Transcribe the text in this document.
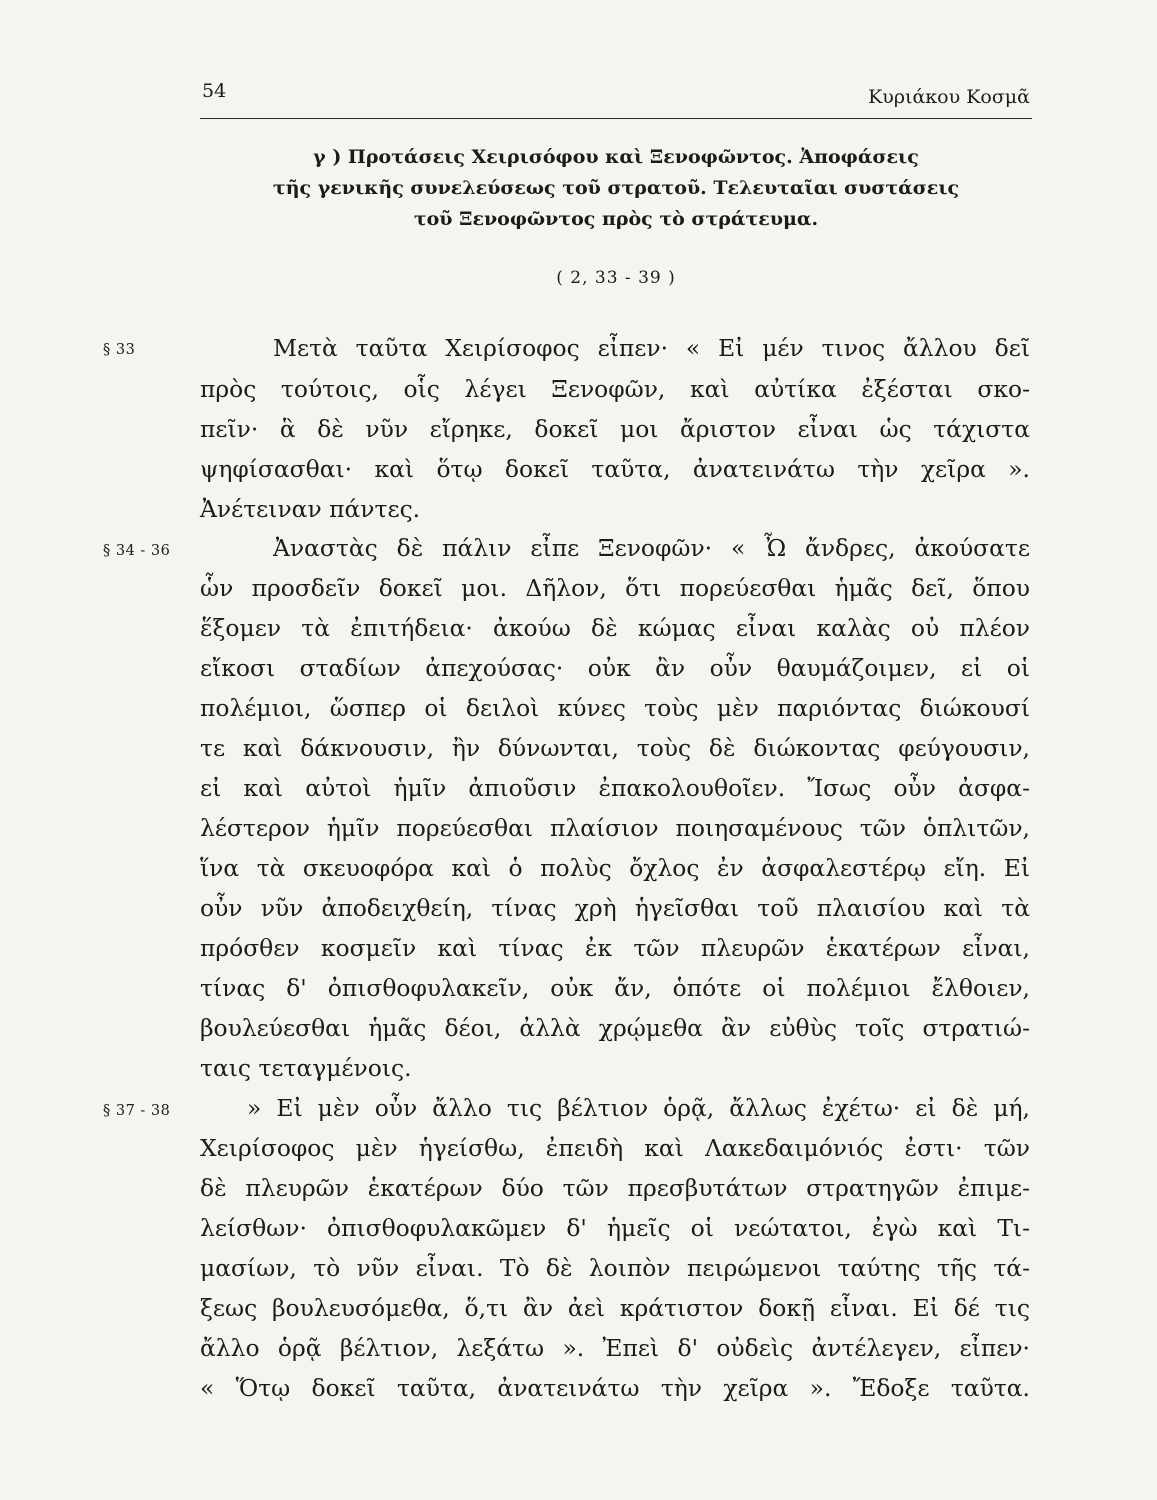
54	Κυριάκου Κοσμᾶ
γ ) Προτάσεις Χειρισόφου καὶ Ξενοφῶντος. Ἀποφάσεις
τῆς γενικῆς συνελεύσεως τοῦ στρατοῦ. Τελευταῖαι συστάσεις
τοῦ Ξενοφῶντος πρὸς τὸ στράτευμα.
( 2, 33 - 39 )
§ 33	Μετὰ ταῦτα Χειρίσοφος εἶπεν· « Εἰ μέν τινος ἄλλου δεῖ
πρὸς τούτοις, οἷς λέγει Ξενοφῶν, καὶ αὐτίκα ἐξέσται σκο-
πεῖν· ἃ δὲ νῦν εἴρηκε, δοκεῖ μοι ἄριστον εἶναι ὡς τάχιστα
ψηφίσασθαι· καὶ ὅτῳ δοκεῖ ταῦτα, ἀνατεινάτω τὴν χεῖρα ».
Ἀνέτειναν πάντες.
§ 34 - 36	Ἀναστὰς δὲ πάλιν εἶπε Ξενοφῶν· « Ὦ ἄνδρες, ἀκούσατε
ὧν προσδεῖν δοκεῖ μοι. Δῆλον, ὅτι πορεύεσθαι ἡμᾶς δεῖ, ὅπου
ἕξομεν τὰ ἐπιτήδεια· ἀκούω δὲ κώμας εἶναι καλὰς οὐ πλέον
εἴκοσι σταδίων ἀπεχούσας· οὐκ ἂν οὖν θαυμάζοιμεν, εἰ οἱ
πολέμιοι, ὥσπερ οἱ δειλοὶ κύνες τοὺς μὲν παριόντας διώκουσί
τε καὶ δάκνουσιν, ἢν δύνωνται, τοὺς δὲ διώκοντας φεύγουσιν,
εἰ καὶ αὐτοὶ ἡμῖν ἀπιοῦσιν ἐπακολουθοῖεν. Ἴσως οὖν ἀσφα-
λέστερον ἡμῖν πορεύεσθαι πλαίσιον ποιησαμένους τῶν ὁπλιτῶν,
ἵνα τὰ σκευοφόρα καὶ ὁ πολὺς ὄχλος ἐν ἀσφαλεστέρῳ εἴη. Εἰ
οὖν νῦν ἀποδειχθείη, τίνας χρὴ ἡγεῖσθαι τοῦ πλαισίου καὶ τὰ
πρόσθεν κοσμεῖν καὶ τίνας ἐκ τῶν πλευρῶν ἑκατέρων εἶναι,
τίνας δ' ὀπισθοφυλακεῖν, οὐκ ἄν, ὁπότε οἱ πολέμιοι ἔλθοιεν,
βουλεύεσθαι ἡμᾶς δέοι, ἀλλὰ χρῴμεθα ἂν εὐθὺς τοῖς στρατιώ-
ταις τεταγμένοις.
§ 37 - 38	» Εἰ μὲν οὖν ἄλλο τις βέλτιον ὁρᾷ, ἄλλως ἐχέτω· εἰ δὲ μή,
Χειρίσοφος μὲν ἡγείσθω, ἐπειδὴ καὶ Λακεδαιμόνιός ἐστι· τῶν
δὲ πλευρῶν ἑκατέρων δύο τῶν πρεσβυτάτων στρατηγῶν ἐπιμε-
λείσθων· ὀπισθοφυλακῶμεν δ' ἡμεῖς οἱ νεώτατοι, ἐγὼ καὶ Τι-
μασίων, τὸ νῦν εἶναι. Τὸ δὲ λοιπὸν πειρώμενοι ταύτης τῆς τά-
ξεως βουλευσόμεθα, ὅ,τι ἂν ἀεὶ κράτιστον δοκῇ εἶναι. Εἰ δέ τις
ἄλλο ὁρᾷ βέλτιον, λεξάτω ». Ἐπεὶ δ' οὐδεὶς ἀντέλεγεν, εἶπεν·
« Ὅτῳ δοκεῖ ταῦτα, ἀνατεινάτω τὴν χεῖρα ». Ἔδοξε ταῦτα.
